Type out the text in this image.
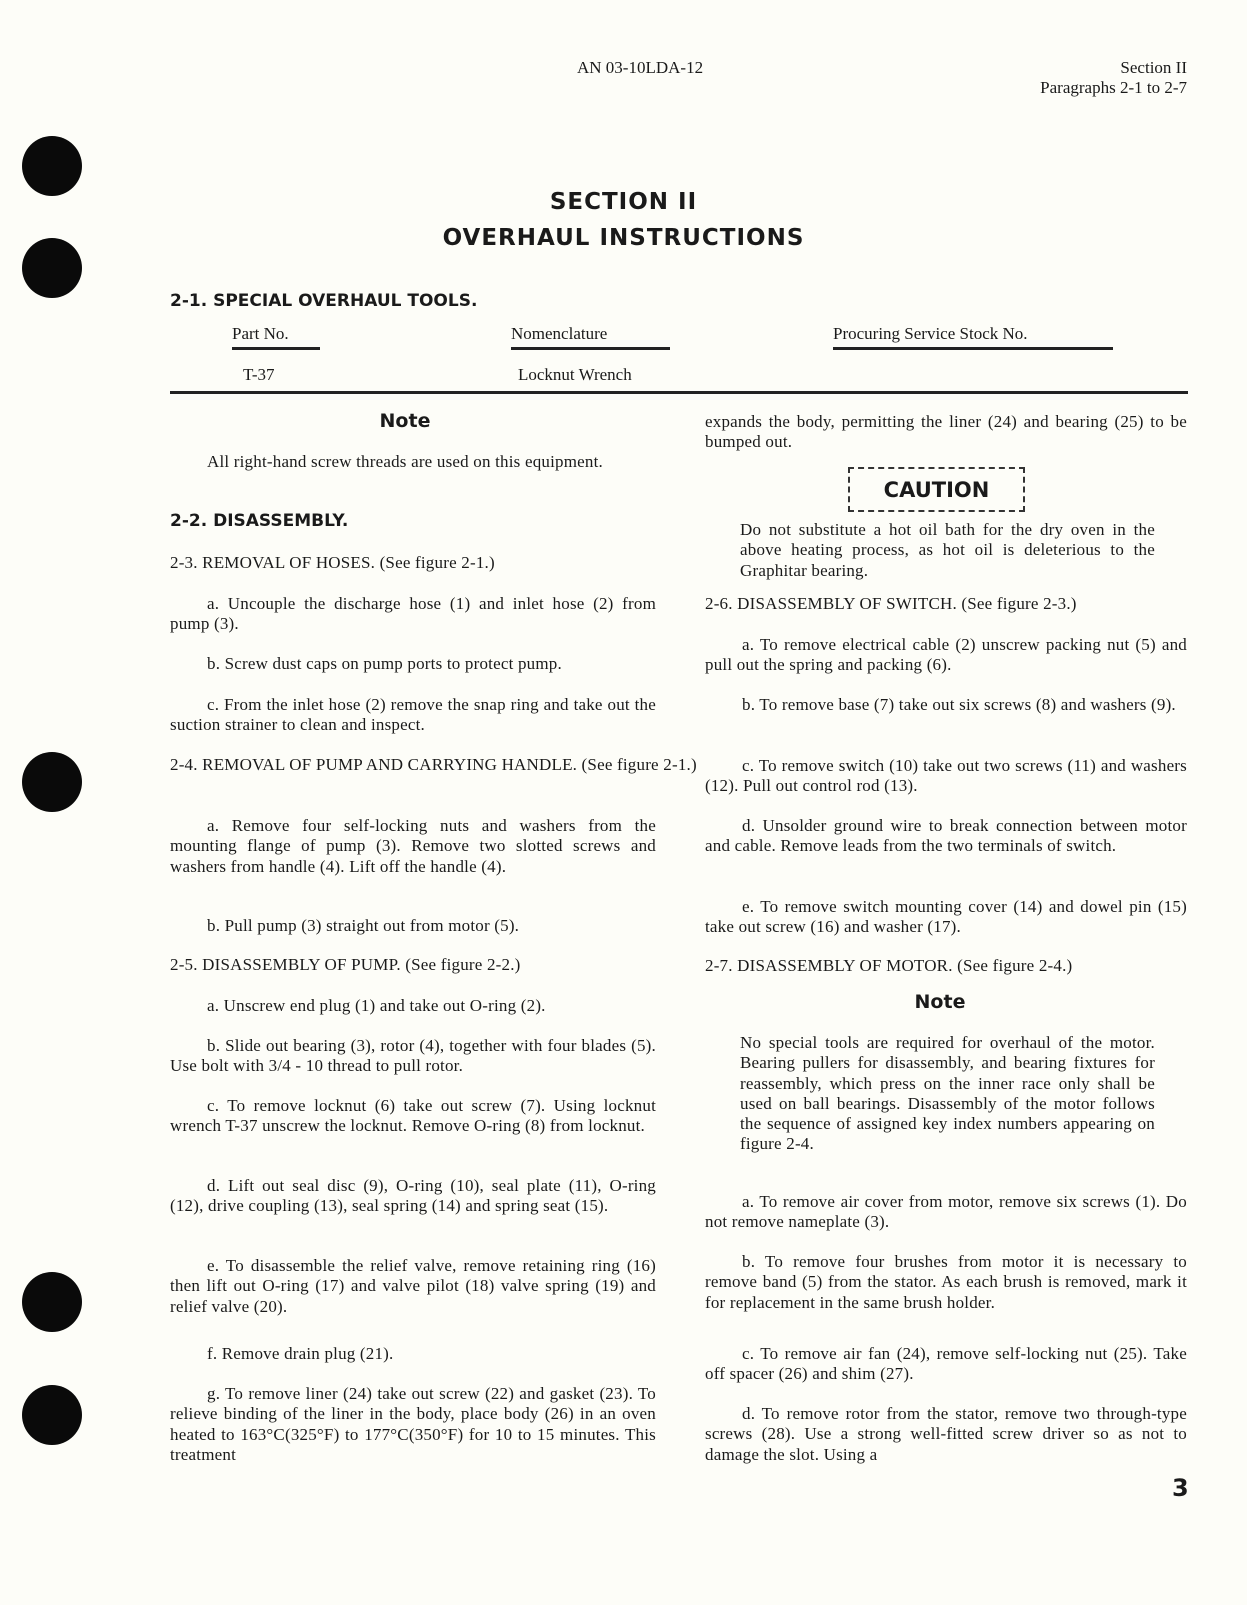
AN 03-10LDA-12	Section II
Paragraphs 2-1 to 2-7
SECTION II
OVERHAUL INSTRUCTIONS
2-1. SPECIAL OVERHAUL TOOLS.
Part No.	Nomenclature	Procuring Service Stock No.
T-37	Locknut Wrench
Note
All right-hand screw threads are used on this equipment.
2-2. DISASSEMBLY.
2-3. REMOVAL OF HOSES. (See figure 2-1.)
a. Uncouple the discharge hose (1) and inlet hose (2) from pump (3).
b. Screw dust caps on pump ports to protect pump.
c. From the inlet hose (2) remove the snap ring and take out the suction strainer to clean and inspect.
2-4. REMOVAL OF PUMP AND CARRYING HANDLE. (See figure 2-1.)
a. Remove four self-locking nuts and washers from the mounting flange of pump (3). Remove two slotted screws and washers from handle (4). Lift off the handle (4).
b. Pull pump (3) straight out from motor (5).
2-5. DISASSEMBLY OF PUMP. (See figure 2-2.)
a. Unscrew end plug (1) and take out O-ring (2).
b. Slide out bearing (3), rotor (4), together with four blades (5). Use bolt with 3/4 - 10 thread to pull rotor.
c. To remove locknut (6) take out screw (7). Using locknut wrench T-37 unscrew the locknut. Remove O-ring (8) from locknut.
d. Lift out seal disc (9), O-ring (10), seal plate (11), O-ring (12), drive coupling (13), seal spring (14) and spring seat (15).
e. To disassemble the relief valve, remove retaining ring (16) then lift out O-ring (17) and valve pilot (18) valve spring (19) and relief valve (20).
f. Remove drain plug (21).
g. To remove liner (24) take out screw (22) and gasket (23). To relieve binding of the liner in the body, place body (26) in an oven heated to 163°C(325°F) to 177°C(350°F) for 10 to 15 minutes. This treatment
expands the body, permitting the liner (24) and bearing (25) to be bumped out.
CAUTION
Do not substitute a hot oil bath for the dry oven in the above heating process, as hot oil is deleterious to the Graphitar bearing.
2-6. DISASSEMBLY OF SWITCH. (See figure 2-3.)
a. To remove electrical cable (2) unscrew packing nut (5) and pull out the spring and packing (6).
b. To remove base (7) take out six screws (8) and washers (9).
c. To remove switch (10) take out two screws (11) and washers (12). Pull out control rod (13).
d. Unsolder ground wire to break connection between motor and cable. Remove leads from the two terminals of switch.
e. To remove switch mounting cover (14) and dowel pin (15) take out screw (16) and washer (17).
2-7. DISASSEMBLY OF MOTOR. (See figure 2-4.)
Note
No special tools are required for overhaul of the motor. Bearing pullers for disassembly, and bearing fixtures for reassembly, which press on the inner race only shall be used on ball bearings. Disassembly of the motor follows the sequence of assigned key index numbers appearing on figure 2-4.
a. To remove air cover from motor, remove six screws (1). Do not remove nameplate (3).
b. To remove four brushes from motor it is necessary to remove band (5) from the stator. As each brush is removed, mark it for replacement in the same brush holder.
c. To remove air fan (24), remove self-locking nut (25). Take off spacer (26) and shim (27).
d. To remove rotor from the stator, remove two through-type screws (28). Use a strong well-fitted screw driver so as not to damage the slot. Using a
3
